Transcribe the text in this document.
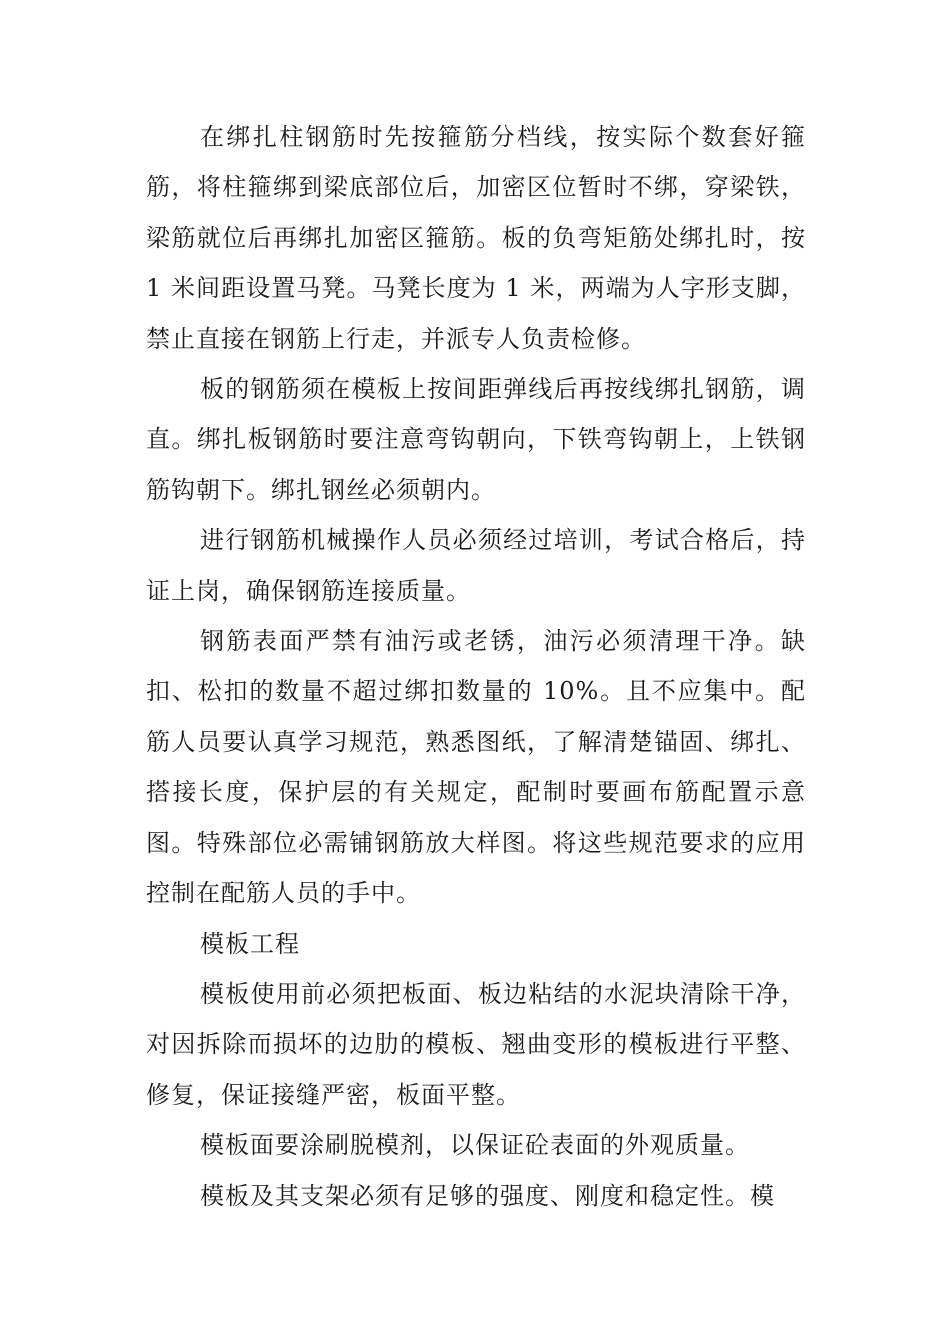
在绑扎柱钢筋时先按箍筋分档线，按实际个数套好箍筋，将柱箍绑到梁底部位后，加密区位暂时不绑，穿梁铁，梁筋就位后再绑扎加密区箍筋。板的负弯矩筋处绑扎时，按 1 米间距设置马凳。马凳长度为 1 米，两端为人字形支脚，禁止直接在钢筋上行走，并派专人负责检修。

板的钢筋须在模板上按间距弹线后再按线绑扎钢筋，调直。绑扎板钢筋时要注意弯钩朝向，下铁弯钩朝上，上铁钢筋钩朝下。绑扎钢丝必须朝内。

进行钢筋机械操作人员必须经过培训，考试合格后，持证上岗，确保钢筋连接质量。

钢筋表面严禁有油污或老锈，油污必须清理干净。缺扣、松扣的数量不超过绑扣数量的 10%。且不应集中。配筋人员要认真学习规范，熟悉图纸，了解清楚锚固、绑扎、搭接长度，保护层的有关规定，配制时要画布筋配置示意图。特殊部位必需铺钢筋放大样图。将这些规范要求的应用控制在配筋人员的手中。

模板工程

模板使用前必须把板面、板边粘结的水泥块清除干净，对因拆除而损坏的边肋的模板、翘曲变形的模板进行平整、修复，保证接缝严密，板面平整。

模板面要涂刷脱模剂，以保证砼表面的外观质量。

模板及其支架必须有足够的强度、刚度和稳定性。模
